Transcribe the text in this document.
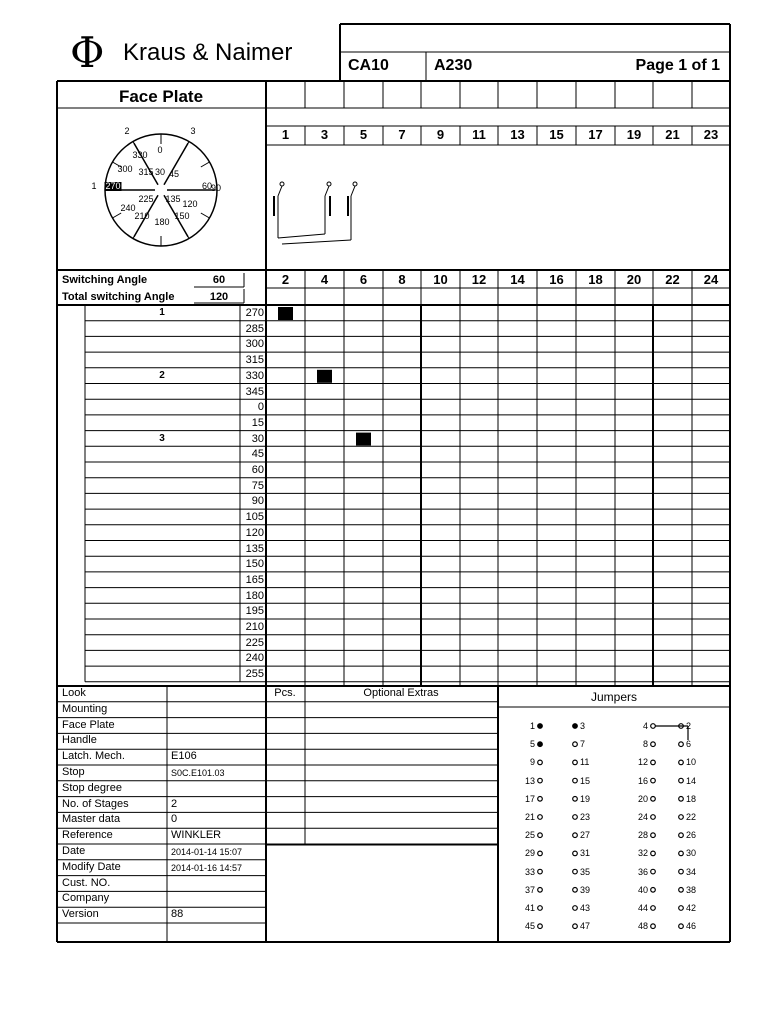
Φ Kraus & Naimer	CA10	A230	Page 1 of 1
Face Plate
1 3 5 7 9 11 13 15 17 19 21 23
0
30
60
90
120
150
180
210
240
270
300
330
315 45
135
225
2	3
1
Switching Angle	60
Total switching Angle	120
2 4 6 8 10 12 14 16 18 20 22 24
1	270
285
300
315
2	330
345
0
15
3	30
45
60
75
90
105
120
135
150
165
180
195
210
225
240
255
Look
Mounting
Face Plate
Handle
Latch. Mech.	E106
Stop	S0C.E101.03
Stop degree
No. of Stages	2
Master data	0
Reference	WINKLER
Date	2014-01-14 15:07
Modify Date	2014-01-16 14:57
Cust. NO.
Company
Version	88
Pcs.	Optional Extras	Jumpers
1	3	4	2
5	7	8	6
9	11	12	10
13	15	16	14
17	19	20	18
21	23	24	22
25	27	28	26
29	31	32	30
33	35	36	34
37	39	40	38
41	43	44	42
45	47	48	46
